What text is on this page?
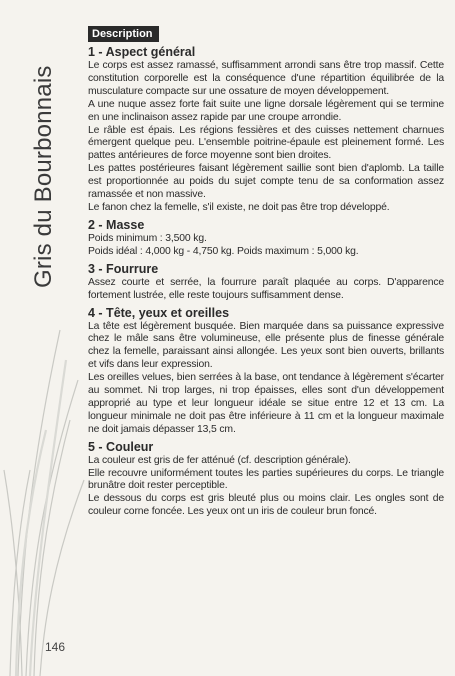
Gris du Bourbonnais
146
Description
1 - Aspect général

Le corps est assez ramassé, suffisamment arrondi sans être trop massif. Cette constitution corporelle est la conséquence d'une répartition équilibrée de la musculature compacte sur une ossature de moyen développement.

A une nuque assez forte fait suite une ligne dorsale légèrement qui se termine en une inclinaison assez rapide par une croupe arrondie.

Le râble est épais. Les régions fessières et des cuisses nettement charnues émergent quelque peu. L'ensemble poitrine-épaule est pleinement formé. Les pattes antérieures de force moyenne sont bien droites.

Les pattes postérieures faisant légèrement saillie sont bien d'aplomb. La taille est proportionnée au poids du sujet compte tenu de sa conformation assez ramassée et non massive.

Le fanon chez la femelle, s'il existe, ne doit pas être trop développé.

2 - Masse

Poids minimum : 3,500 kg.

Poids idéal : 4,000 kg - 4,750 kg. Poids maximum : 5,000 kg.

3 - Fourrure

Assez courte et serrée, la fourrure paraît plaquée au corps. D'apparence fortement lustrée, elle reste toujours suffisamment dense.

4 - Tête, yeux et oreilles

La tête est légèrement busquée. Bien marquée dans sa puissance expressive chez le mâle sans être volumineuse, elle présente plus de finesse générale chez la femelle, paraissant ainsi allongée. Les yeux sont bien ouverts, brillants et vifs dans leur expression.

Les oreilles velues, bien serrées à la base, ont tendance à légèrement s'écarter au sommet. Ni trop larges, ni trop épaisses, elles sont d'un développement approprié au type et leur longueur idéale se situe entre 12 et 13 cm. La longueur minimale ne doit pas être inférieure à 11 cm et la longueur maximale ne doit jamais dépasser 13,5 cm.

5 - Couleur

La couleur est gris de fer atténué (cf. description générale).

Elle recouvre uniformément toutes les parties supérieures du corps. Le triangle brunâtre doit rester perceptible.

Le dessous du corps est gris bleuté plus ou moins clair. Les ongles sont de couleur corne foncée. Les yeux ont un iris de couleur brun foncé.
